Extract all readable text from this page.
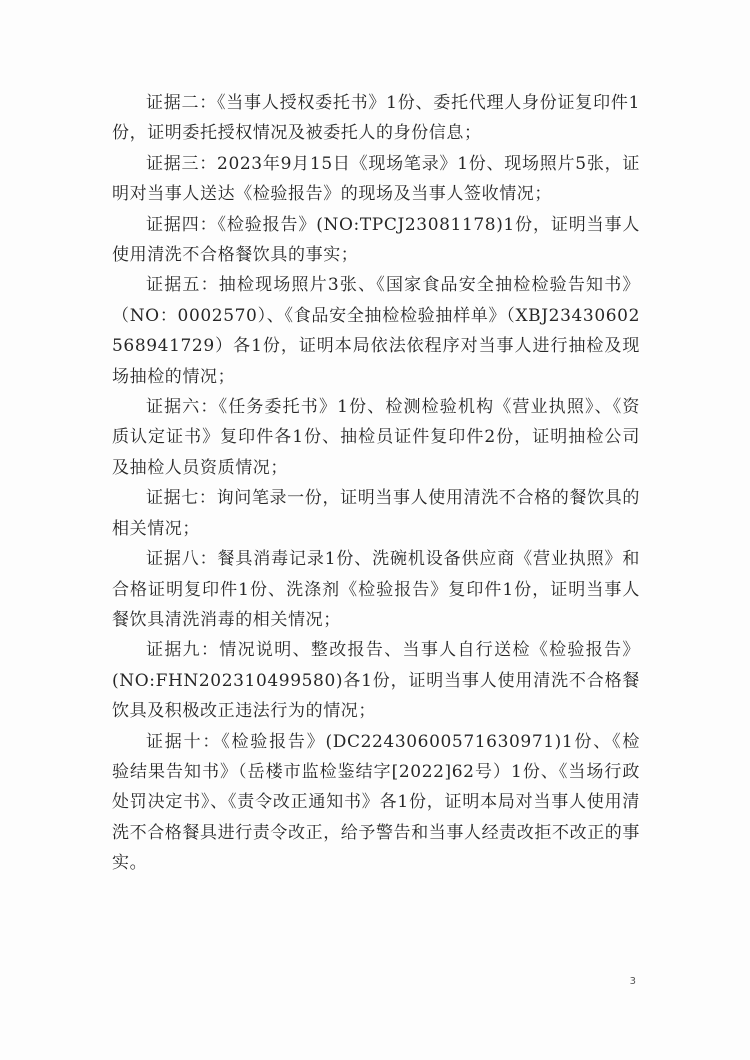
证据二：《当事人授权委托书》1份、委托代理人身份证复印件1份，证明委托授权情况及被委托人的身份信息；

证据三：2023年9月15日《现场笔录》1份、现场照片5张，证明对当事人送达《检验报告》的现场及当事人签收情况；

证据四：《检验报告》(NO:TPCJ23081178)1份，证明当事人使用清洗不合格餐饮具的事实；

证据五：抽检现场照片3张、《国家食品安全抽检检验告知书》（NO：0002570）、《食品安全抽检检验抽样单》（XBJ23430602568941729）各1份，证明本局依法依程序对当事人进行抽检及现场抽检的情况；

证据六：《任务委托书》1份、检测检验机构《营业执照》、《资质认定证书》复印件各1份、抽检员证件复印件2份，证明抽检公司及抽检人员资质情况；

证据七：询问笔录一份，证明当事人使用清洗不合格的餐饮具的相关情况；

证据八：餐具消毒记录1份、洗碗机设备供应商《营业执照》和合格证明复印件1份、洗涤剂《检验报告》复印件1份，证明当事人餐饮具清洗消毒的相关情况；

证据九：情况说明、整改报告、当事人自行送检《检验报告》(NO:FHN202310499580)各1份，证明当事人使用清洗不合格餐饮具及积极改正违法行为的情况；

证据十：《检验报告》(DC22430600571630971)1份、《检验结果告知书》（岳楼市监检鉴结字[2022]62号）1份、《当场行政处罚决定书》、《责令改正通知书》各1份，证明本局对当事人使用清洗不合格餐具进行责令改正，给予警告和当事人经责改拒不改正的事实。

3
